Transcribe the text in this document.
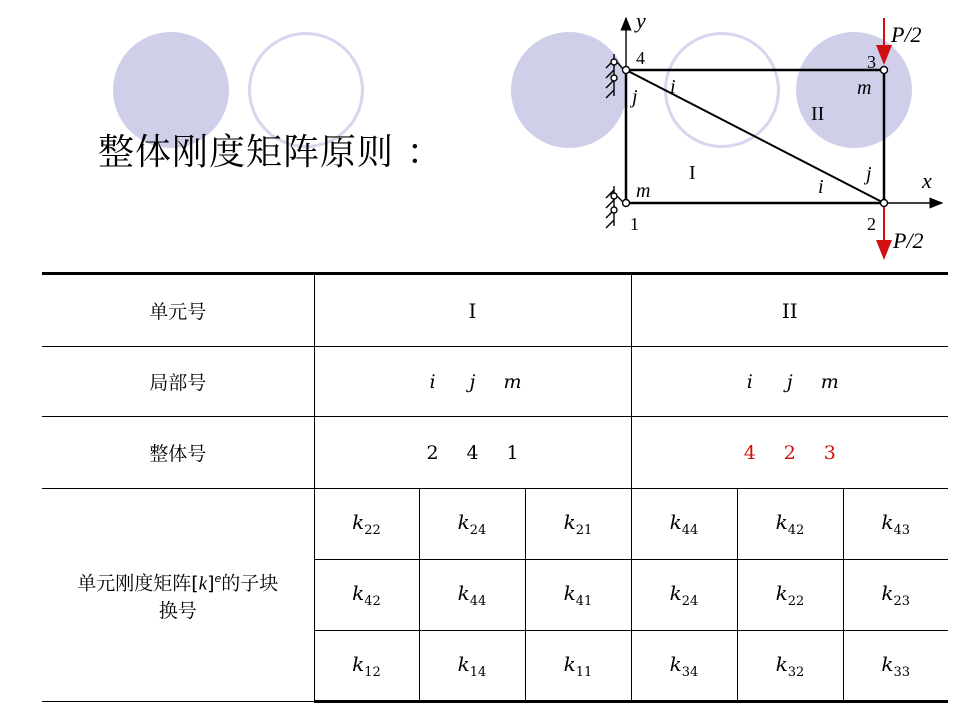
整体刚度矩阵原则 ：
y
x
4
1
3
2
P/2
P/2
I
II
i
j
m
m
i
j
单元号	I			II		
局部号	i j m			i j m		
整体号	2 4 1			4 2 3		

单元刚度矩阵$[k]^e$的子块
换号	$k_{22}$	$k_{24}$	$k_{21}$	$k_{44}$	$k_{42}$	$k_{43}$
	$k_{42}$	$k_{44}$	$k_{41}$	$k_{24}$	$k_{22}$	$k_{23}$
	$k_{12}$	$k_{14}$	$k_{11}$	$k_{34}$	$k_{32}$	$k_{33}$
